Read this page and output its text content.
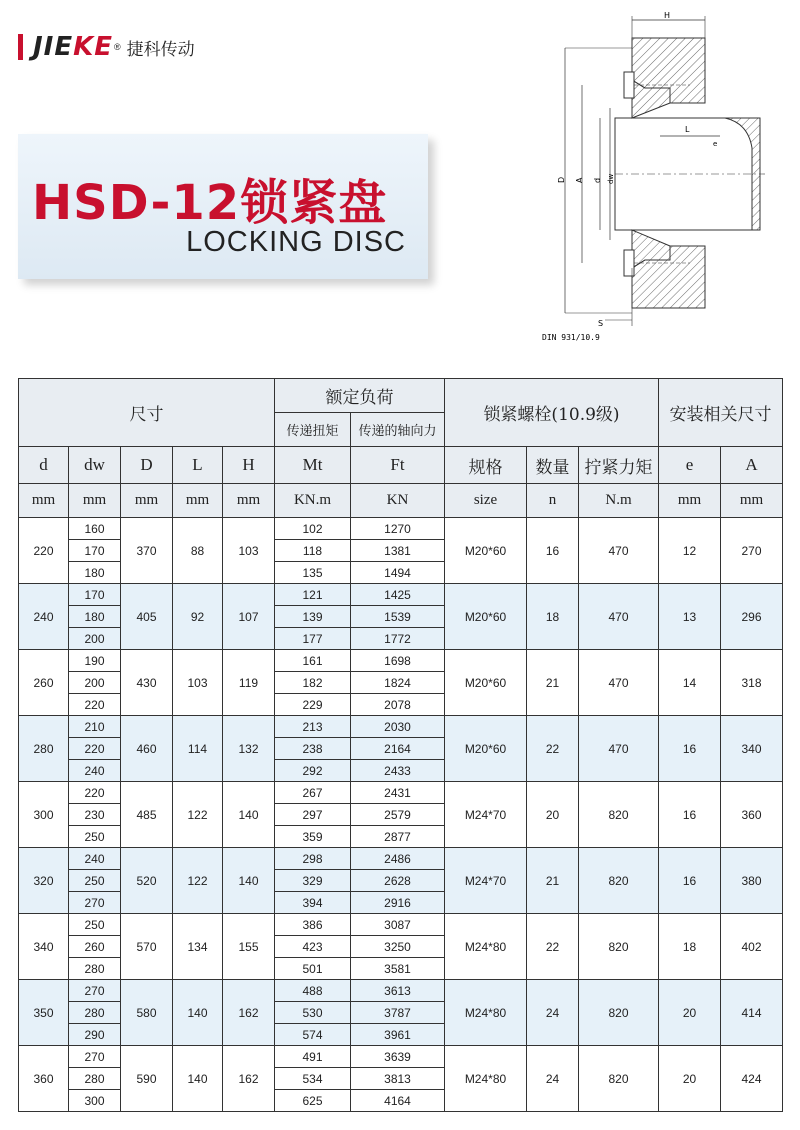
JIEKE ® 捷科传动
HSD-12锁紧盘
LOCKING DISC
H
L
e
D A d dw
S
DIN 931/10.9
尺寸					额定负荷		锁紧螺栓(10.9级)			安装相关尺寸	
					传递扭矩	传递的轴向力					
d	dw	D	L	H	Mt	Ft	规格	数量	拧紧力矩	e	A
mm	mm	mm	mm	mm	KN.m	KN	size	n	N.m	mm	mm
220	160	370	88	103	102	1270	M20*60	16	470	12	270
	170				118	1381					
	180				135	1494					
240	170	405	92	107	121	1425	M20*60	18	470	13	296
	180				139	1539					
	200				177	1772					
260	190	430	103	119	161	1698	M20*60	21	470	14	318
	200				182	1824					
	220				229	2078					
280	210	460	114	132	213	2030	M20*60	22	470	16	340
	220				238	2164					
	240				292	2433					
300	220	485	122	140	267	2431	M24*70	20	820	16	360
	230				297	2579					
	250				359	2877					
320	240	520	122	140	298	2486	M24*70	21	820	16	380
	250				329	2628					
	270				394	2916					
340	250	570	134	155	386	3087	M24*80	22	820	18	402
	260				423	3250					
	280				501	3581					
350	270	580	140	162	488	3613	M24*80	24	820	20	414
	280				530	3787					
	290				574	3961					
360	270	590	140	162	491	3639	M24*80	24	820	20	424
	280				534	3813					
	300				625	4164					
